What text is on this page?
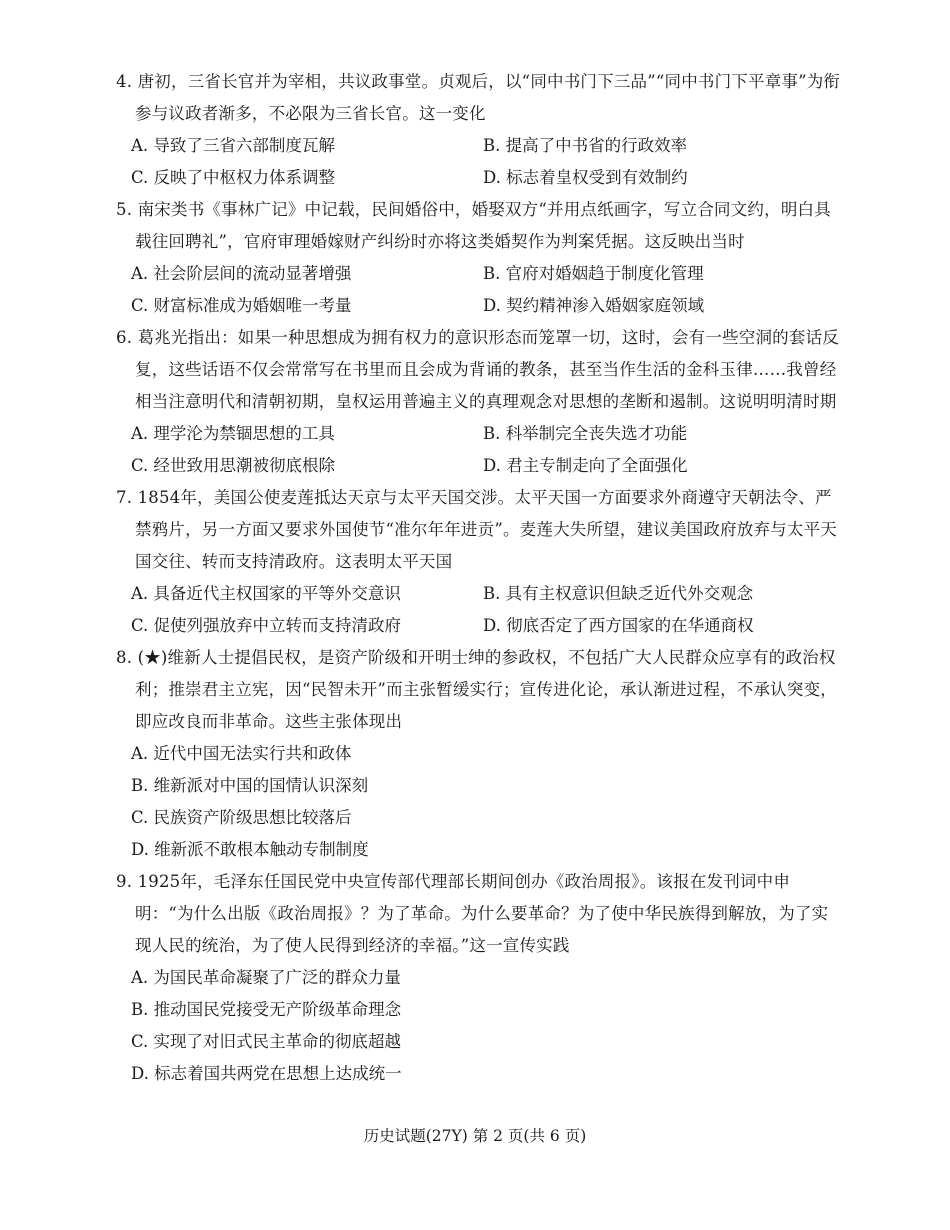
4. 唐初，三省长官并为宰相，共议政事堂。贞观后，以“同中书门下三品”“同中书门下平章事”为衔参与议政者渐多，不必限为三省长官。这一变化

A. 导致了三省六部制度瓦解	B. 提高了中书省的行政效率
C. 反映了中枢权力体系调整	D. 标志着皇权受到有效制约

5. 南宋类书《事林广记》中记载，民间婚俗中，婚娶双方“并用点纸画字，写立合同文约，明白具载往回聘礼”，官府审理婚嫁财产纠纷时亦将这类婚契作为判案凭据。这反映出当时

A. 社会阶层间的流动显著增强	B. 官府对婚姻趋于制度化管理
C. 财富标准成为婚姻唯一考量	D. 契约精神渗入婚姻家庭领域

6. 葛兆光指出：如果一种思想成为拥有权力的意识形态而笼罩一切，这时，会有一些空洞的套话反复，这些话语不仅会常常写在书里而且会成为背诵的教条，甚至当作生活的金科玉律……我曾经相当注意明代和清朝初期，皇权运用普遍主义的真理观念对思想的垄断和遏制。这说明明清时期

A. 理学沦为禁锢思想的工具	B. 科举制完全丧失选才功能
C. 经世致用思潮被彻底根除	D. 君主专制走向了全面强化

7. 1854年，美国公使麦莲抵达天京与太平天国交涉。太平天国一方面要求外商遵守天朝法令、严禁鸦片，另一方面又要求外国使节“准尔年年进贡”。麦莲大失所望，建议美国政府放弃与太平天国交往、转而支持清政府。这表明太平天国

A. 具备近代主权国家的平等外交意识	B. 具有主权意识但缺乏近代外交观念
C. 促使列强放弃中立转而支持清政府	D. 彻底否定了西方国家的在华通商权

8. (★)维新人士提倡民权，是资产阶级和开明士绅的参政权，不包括广大人民群众应享有的政治权利；推崇君主立宪，因“民智未开”而主张暂缓实行；宣传进化论，承认渐进过程，不承认突变，即应改良而非革命。这些主张体现出

A. 近代中国无法实行共和政体
B. 维新派对中国的国情认识深刻
C. 民族资产阶级思想比较落后
D. 维新派不敢根本触动专制制度

9. 1925年，毛泽东任国民党中央宣传部代理部长期间创办《政治周报》。该报在发刊词中申明：“为什么出版《政治周报》？为了革命。为什么要革命？为了使中华民族得到解放，为了实现人民的统治，为了使人民得到经济的幸福。”这一宣传实践

A. 为国民革命凝聚了广泛的群众力量
B. 推动国民党接受无产阶级革命理念
C. 实现了对旧式民主革命的彻底超越
D. 标志着国共两党在思想上达成统一
历史试题(27Y) 第 2 页(共 6 页)
